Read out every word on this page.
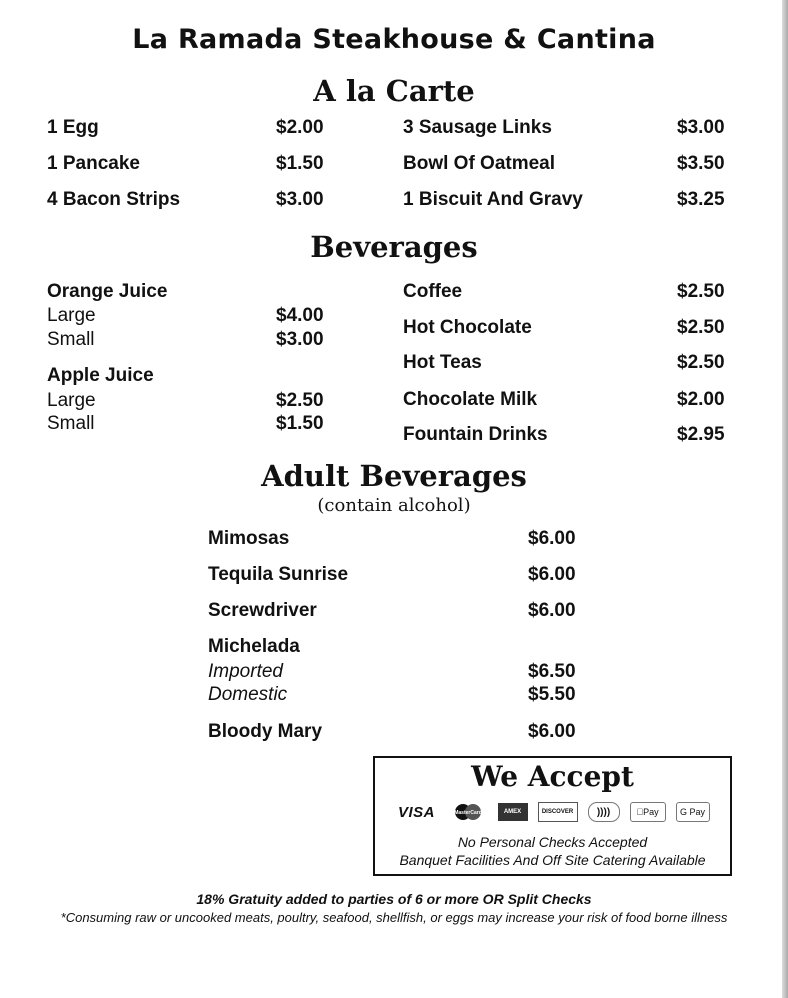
La Ramada Steakhouse & Cantina
A la Carte
1 Egg	$2.00
1 Pancake	$1.50
4 Bacon Strips	$3.00
3 Sausage Links	$3.00
Bowl Of Oatmeal	$3.50
1 Biscuit And Gravy	$3.25
Beverages
Orange Juice
Large	$4.00
Small	$3.00
Apple Juice
Large	$2.50
Small	$1.50
Coffee	$2.50
Hot Chocolate	$2.50
Hot Teas	$2.50
Chocolate Milk	$2.00
Fountain Drinks	$2.95
Adult Beverages
(contain alcohol)
Mimosas	$6.00
Tequila Sunrise	$6.00
Screwdriver	$6.00
Michelada
Imported	$6.50
Domestic	$5.50
Bloody Mary	$6.00
We Accept
VISA	MasterCard	AMEX	DISCOVER	))))	Pay	G Pay
No Personal Checks Accepted
Banquet Facilities And Off Site Catering Available
18% Gratuity added to parties of 6 or more OR Split Checks
*Consuming raw or uncooked meats, poultry, seafood, shellfish, or eggs may increase your risk of food borne illness
